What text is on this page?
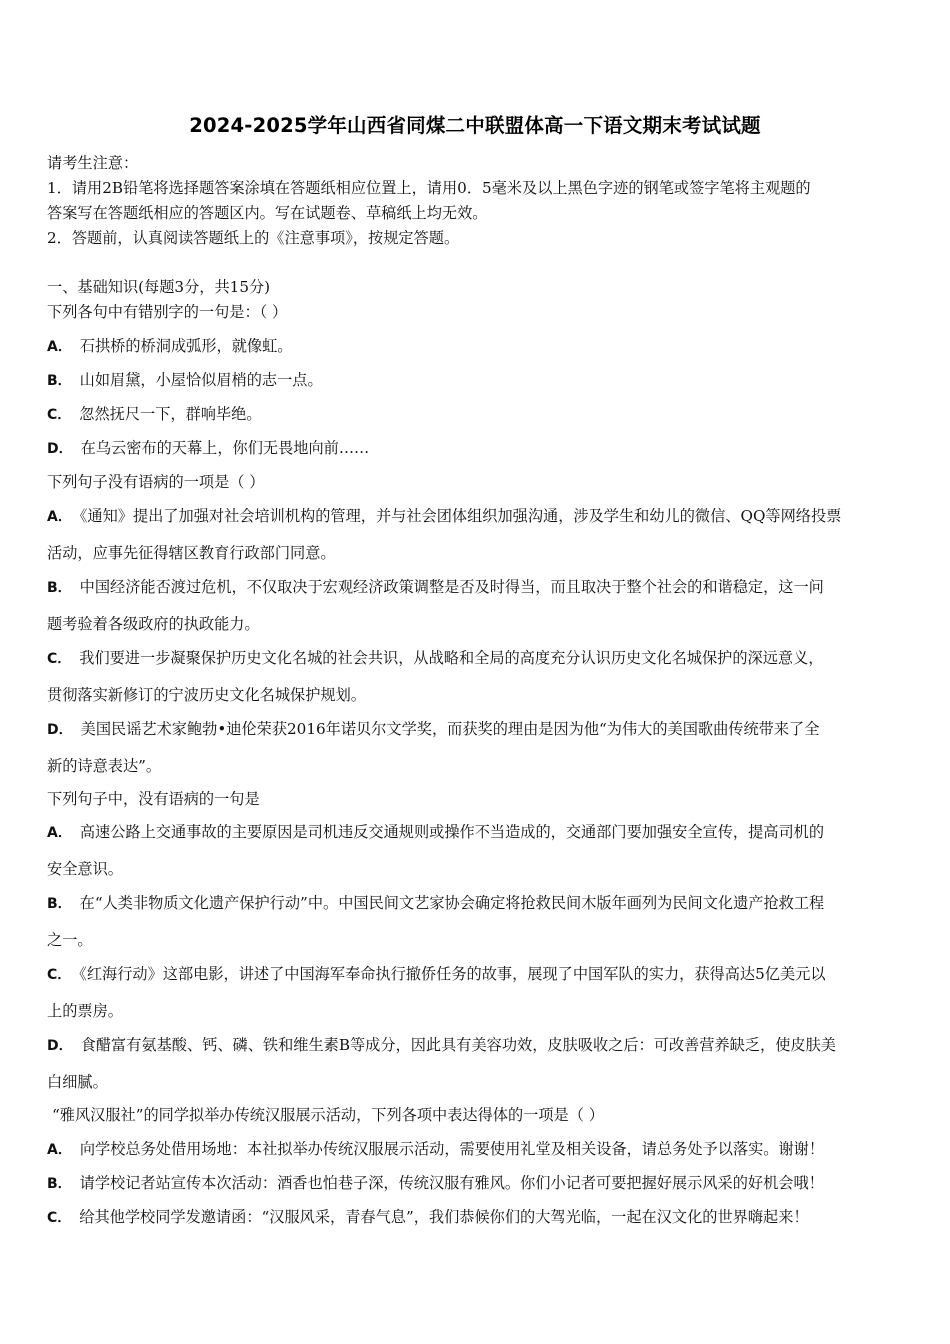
2024-2025学年山西省同煤二中联盟体高一下语文期末考试试题
请考生注意：
1．请用2B铅笔将选择题答案涂填在答题纸相应位置上，请用0．5毫米及以上黑色字迹的钢笔或签字笔将主观题的
答案写在答题纸相应的答题区内。写在试题卷、草稿纸上均无效。
2．答题前，认真阅读答题纸上的《注意事项》，按规定答题。
一、基础知识(每题3分，共15分)
下列各句中有错别字的一句是：（ ）
A． 石拱桥的桥洞成弧形，就像虹。
B． 山如眉黛，小屋恰似眉梢的志一点。
C． 忽然抚尺一下，群响毕绝。
D． 在乌云密布的天幕上，你们无畏地向前……
下列句子没有语病的一项是（ ）
A． 《通知》提出了加强对社会培训机构的管理，并与社会团体组织加强沟通，涉及学生和幼儿的微信、QQ等网络投票
活动，应事先征得辖区教育行政部门同意。
B． 中国经济能否渡过危机，不仅取决于宏观经济政策调整是否及时得当，而且取决于整个社会的和谐稳定，这一问
题考验着各级政府的执政能力。
C． 我们要进一步凝聚保护历史文化名城的社会共识，从战略和全局的高度充分认识历史文化名城保护的深远意义，
贯彻落实新修订的宁波历史文化名城保护规划。
D． 美国民谣艺术家鲍勃•迪伦荣获2016年诺贝尔文学奖，而获奖的理由是因为他“为伟大的美国歌曲传统带来了全
新的诗意表达”。
下列句子中，没有语病的一句是
A． 高速公路上交通事故的主要原因是司机违反交通规则或操作不当造成的，交通部门要加强安全宣传，提高司机的
安全意识。
B． 在“人类非物质文化遗产保护行动”中。中国民间文艺家协会确定将抢救民间木版年画列为民间文化遗产抢救工程
之一。
C． 《红海行动》这部电影，讲述了中国海军奉命执行撤侨任务的故事，展现了中国军队的实力，获得高达5亿美元以
上的票房。
D． 食醋富有氨基酸、钙、磷、铁和维生素B等成分，因此具有美容功效，皮肤吸收之后：可改善营养缺乏，使皮肤美
白细腻。
“雅风汉服社”的同学拟举办传统汉服展示活动，下列各项中表达得体的一项是（ ）
A． 向学校总务处借用场地：本社拟举办传统汉服展示活动，需要使用礼堂及相关设备，请总务处予以落实。谢谢！
B． 请学校记者站宣传本次活动：酒香也怕巷子深，传统汉服有雅风。你们小记者可要把握好展示风采的好机会哦！
C． 给其他学校同学发邀请函：“汉服风采，青春气息”，我们恭候你们的大驾光临，一起在汉文化的世界嗨起来！
